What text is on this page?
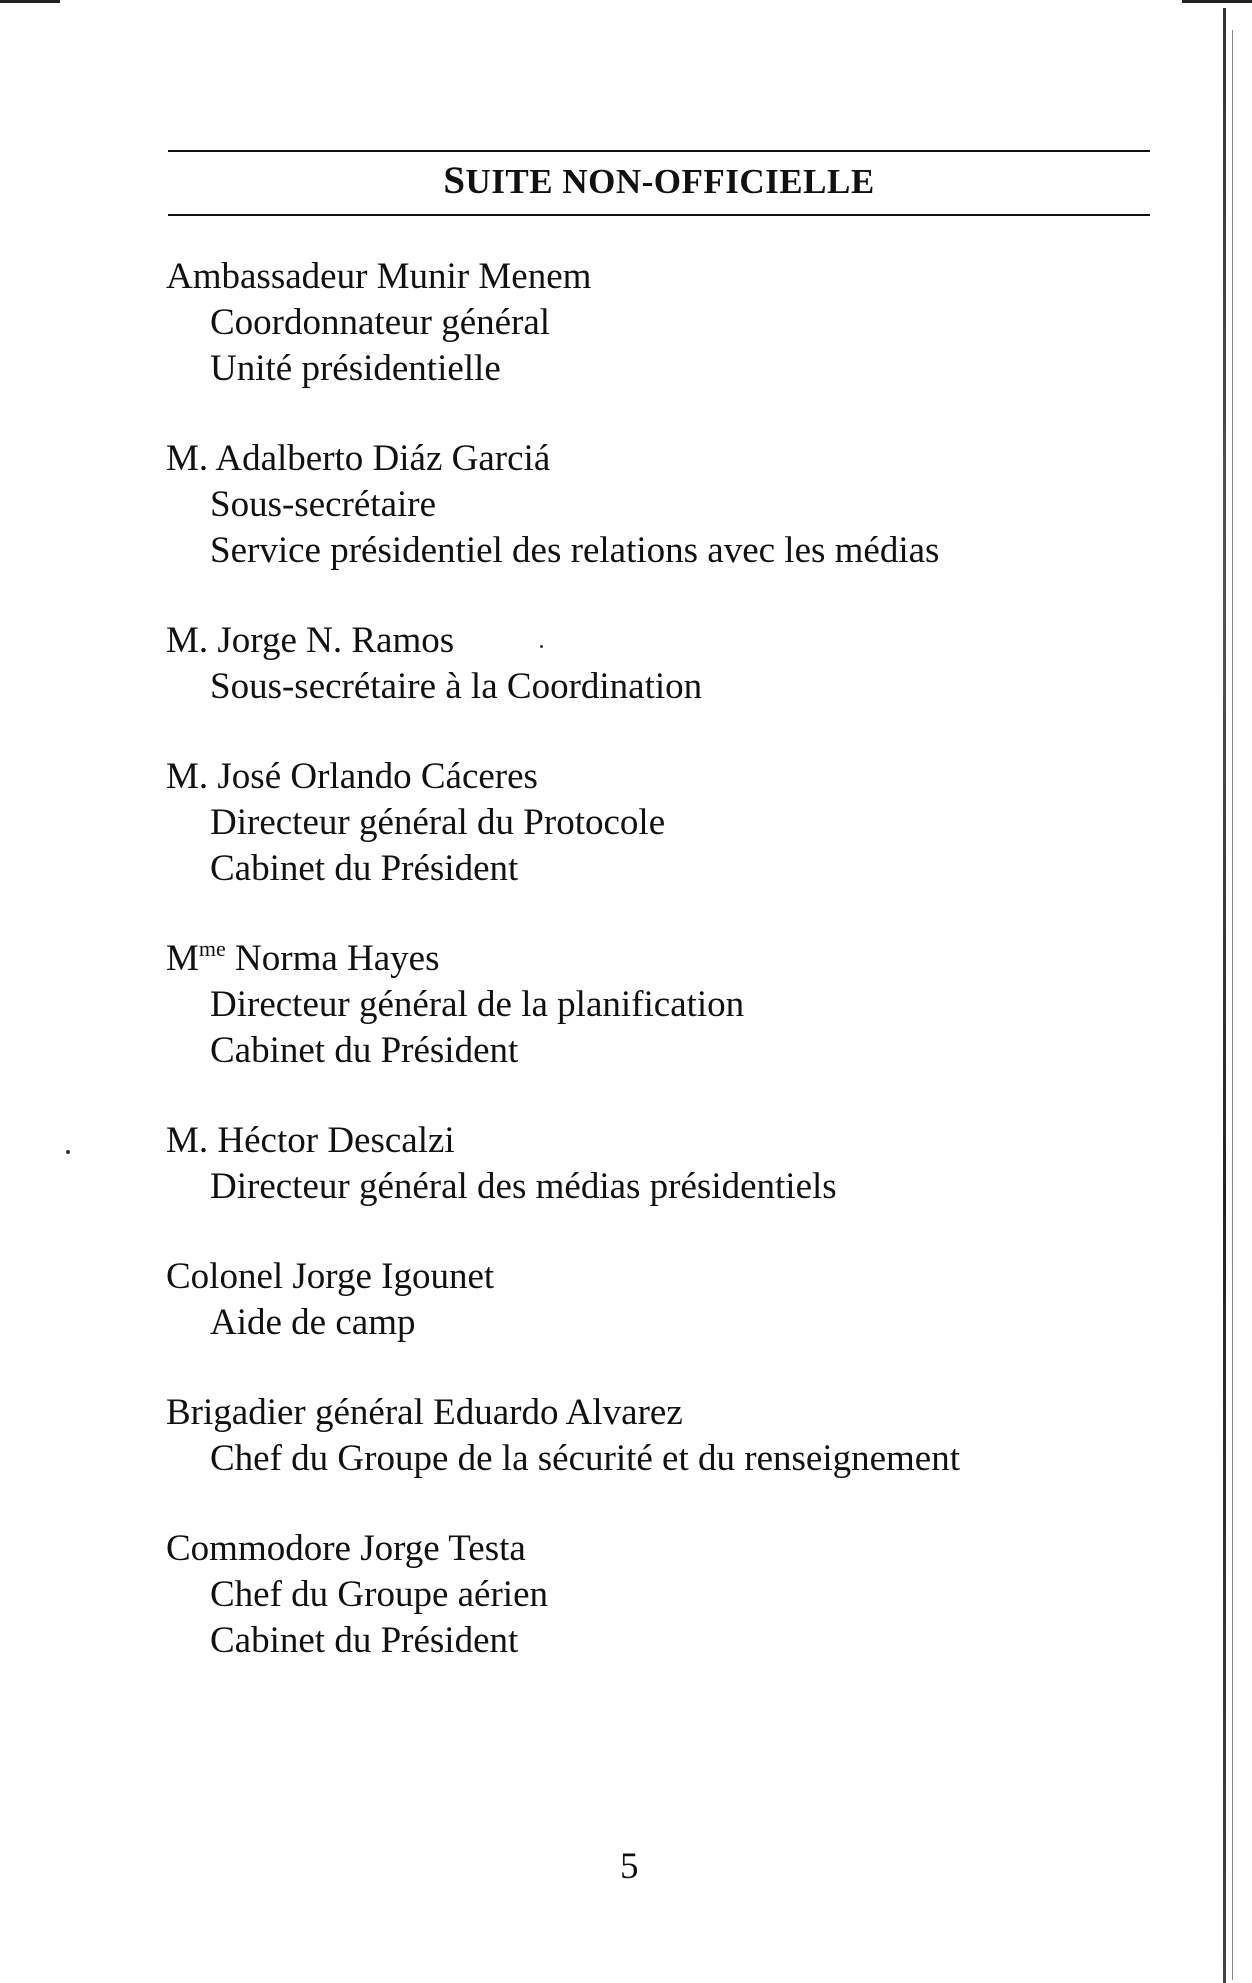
SUITE NON-OFFICIELLE
Ambassadeur Munir Menem
Coordonnateur général
Unité présidentielle
M. Adalberto Diáz Garciá
Sous-secrétaire
Service présidentiel des relations avec les médias
M. Jorge N. Ramos
Sous-secrétaire à la Coordination
M. José Orlando Cáceres
Directeur général du Protocole
Cabinet du Président
$M^{me}$ Norma Hayes
Directeur général de la planification
Cabinet du Président
M. Héctor Descalzi
Directeur général des médias présidentiels
Colonel Jorge Igounet
Aide de camp
Brigadier général Eduardo Alvarez
Chef du Groupe de la sécurité et du renseignement
Commodore Jorge Testa
Chef du Groupe aérien
Cabinet du Président
5
